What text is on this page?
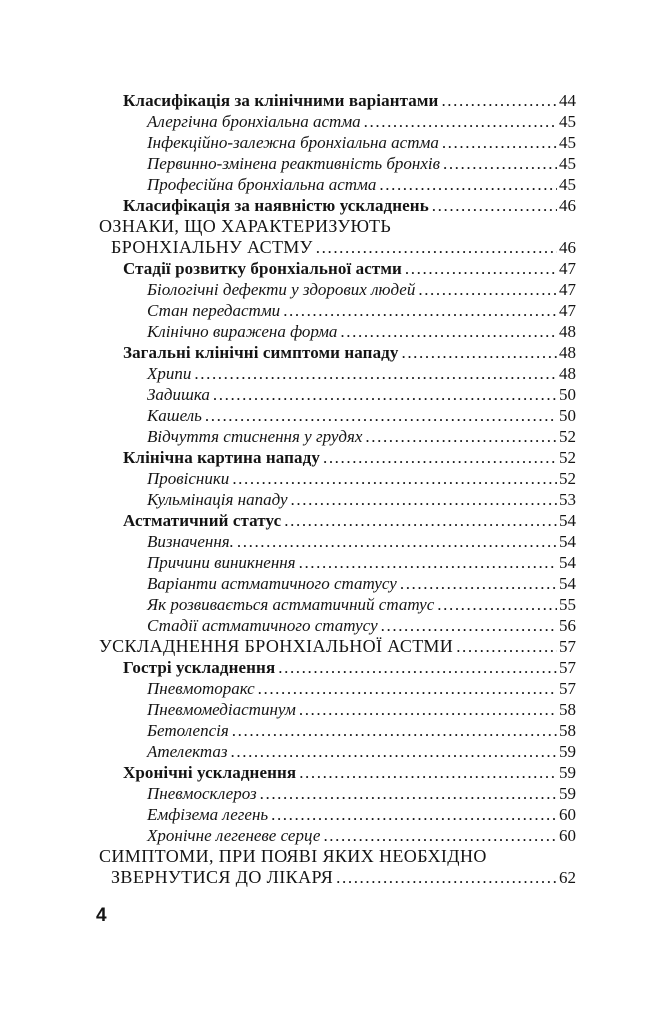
Класифікація за клінічними варіантами .....	44
Алергічна бронхіальна астма .....	45
Інфекційно-залежна бронхіальна астма .....	45
Первинно-змінена реактивність бронхів .....	45
Професійна бронхіальна астма .....	45
Класифікація за наявністю ускладнень .....	46
ОЗНАКИ, ЩО ХАРАКТЕРИЗУЮТЬ
БРОНХІАЛЬНУ АСТМУ .....	46
Стадії розвитку бронхіальної астми .....	47
Біологічні дефекти у здорових людей .....	47
Стан передастми .....	47
Клінічно виражена форма .....	48
Загальні клінічні симптоми нападу .....	48
Хрипи .....	48
Задишка .....	50
Кашель .....	50
Відчуття стиснення у грудях .....	52
Клінічна картина нападу .....	52
Провісники .....	52
Кульмінація нападу .....	53
Астматичний статус .....	54
Визначення. .....	54
Причини виникнення .....	54
Варіанти астматичного статусу .....	54
Як розвивається астматичний статус .....	55
Стадії астматичного статусу .....	56
УСКЛАДНЕННЯ БРОНХІАЛЬНОЇ АСТМИ .....	57
Гострі ускладнення .....	57
Пневмоторакс .....	57
Пневмомедіастинум .....	58
Бетолепсія .....	58
Ателектаз .....	59
Хронічні ускладнення .....	59
Пневмосклероз .....	59
Емфізема легень .....	60
Хронічне легеневе серце .....	60
СИМПТОМИ, ПРИ ПОЯВІ ЯКИХ НЕОБХІДНО
ЗВЕРНУТИСЯ ДО ЛІКАРЯ .....	62
4
